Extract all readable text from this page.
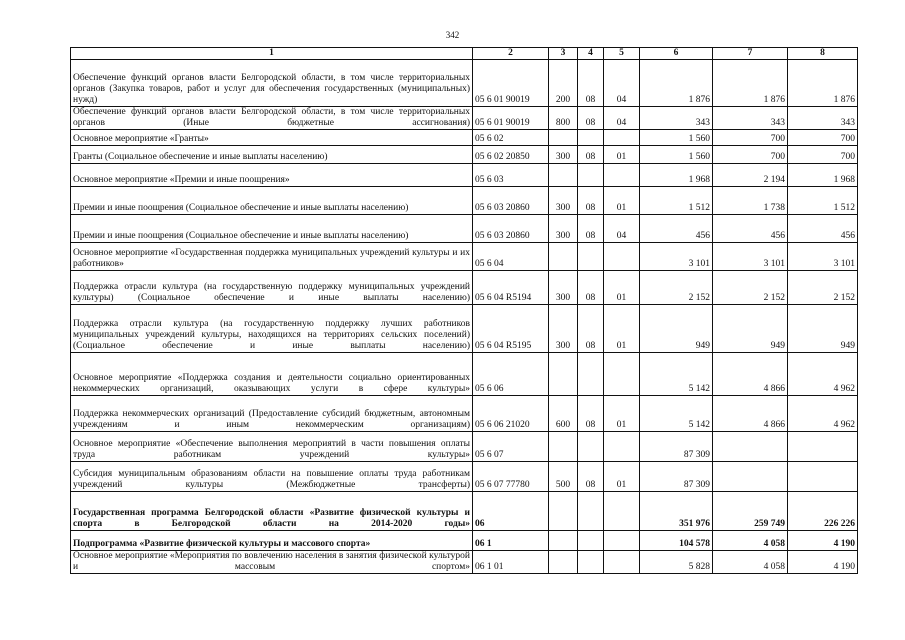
342
1	2	3	4	5	6	7	8
Обеспечение функций органов власти Белгородской области, в том числе территориальных органов (Закупка товаров, работ и услуг для обеспечения государственных (муниципальных) нужд)	05 6 01 90019	200	08	04	1 876	1 876	1 876
Обеспечение функций органов власти Белгородской области, в том числе территориальных органов (Иные бюджетные ассигнования)	05 6 01 90019	800	08	04	343	343	343
Основное мероприятие «Гранты»	05 6 02				1 560	700	700
Гранты (Социальное обеспечение и иные выплаты населению)	05 6 02 20850	300	08	01	1 560	700	700
Основное мероприятие «Премии и иные поощрения»	05 6 03				1 968	2 194	1 968
Премии и иные поощрения (Социальное обеспечение и иные выплаты населению)	05 6 03 20860	300	08	01	1 512	1 738	1 512
Премии и иные поощрения (Социальное обеспечение и иные выплаты населению)	05 6 03 20860	300	08	04	456	456	456
Основное мероприятие «Государственная поддержка муниципальных учреждений культуры и их работников»	05 6 04				3 101	3 101	3 101
Поддержка отрасли культура (на государственную поддержку муниципальных учреждений культуры) (Социальное обеспечение и иные выплаты населению)	05 6 04 R5194	300	08	01	2 152	2 152	2 152
Поддержка отрасли культура (на государственную поддержку лучших работников муниципальных учреждений культуры, находящихся на территориях сельских поселений) (Социальное обеспечение и иные выплаты населению)	05 6 04 R5195	300	08	01	949	949	949
Основное мероприятие «Поддержка создания и деятельности социально ориентированных некоммерческих организаций, оказывающих услуги в сфере культуры»	05 6 06				5 142	4 866	4 962
Поддержка некоммерческих организаций (Предоставление субсидий бюджетным, автономным учреждениям и иным некоммерческим организациям)	05 6 06 21020	600	08	01	5 142	4 866	4 962
Основное мероприятие «Обеспечение выполнения мероприятий в части повышения оплаты труда работникам учреждений культуры»	05 6 07				87 309		
Субсидия муниципальным образованиям области на повышение оплаты труда работникам учреждений культуры (Межбюджетные трансферты)	05 6 07 77780	500	08	01	87 309		
Государственная программа Белгородской области «Развитие физической культуры и спорта в Белгородской области на 2014-2020 годы»	06				351 976	259 749	226 226
Подпрограмма «Развитие физической культуры и массового спорта»	06 1				104 578	4 058	4 190
Основное мероприятие «Мероприятия по вовлечению населения в занятия физической культурой и массовым спортом»	06 1 01				5 828	4 058	4 190
